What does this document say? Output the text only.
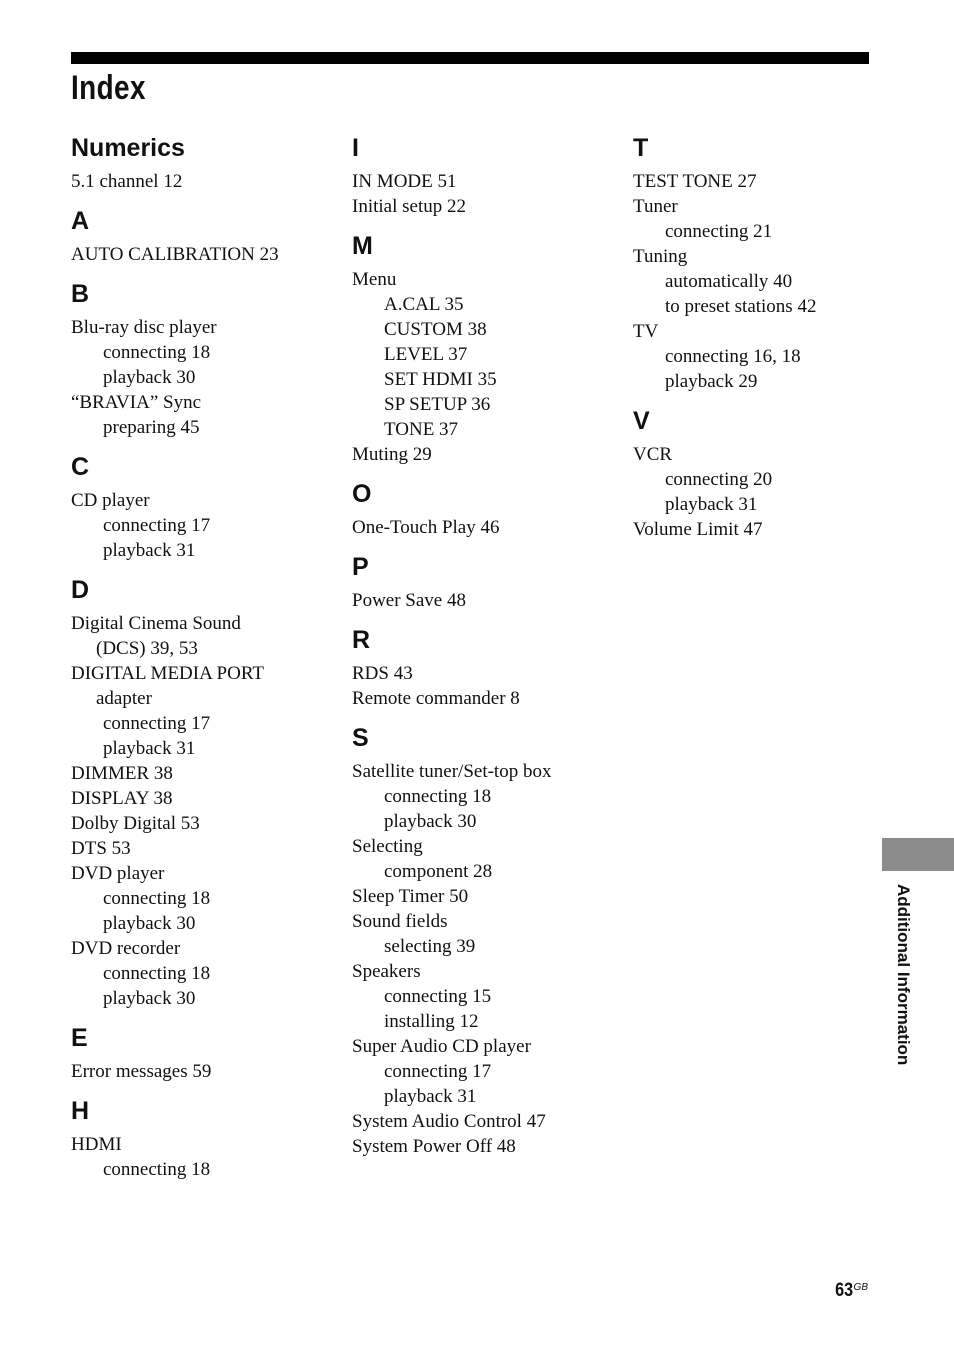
Index
Numerics
5.1 channel 12
A
AUTO CALIBRATION 23
B
Blu-ray disc player
connecting 18
playback 30
“BRAVIA” Sync
preparing 45
C
CD player
connecting 17
playback 31
D
Digital Cinema Sound
(DCS) 39, 53
DIGITAL MEDIA PORT
adapter
connecting 17
playback 31
DIMMER 38
DISPLAY 38
Dolby Digital 53
DTS 53
DVD player
connecting 18
playback 30
DVD recorder
connecting 18
playback 30
E
Error messages 59
H
HDMI
connecting 18
I
IN MODE 51
Initial setup 22
M
Menu
A.CAL 35
CUSTOM 38
LEVEL 37
SET HDMI 35
SP SETUP 36
TONE 37
Muting 29
O
One-Touch Play 46
P
Power Save 48
R
RDS 43
Remote commander 8
S
Satellite tuner/Set-top box
connecting 18
playback 30
Selecting
component 28
Sleep Timer 50
Sound fields
selecting 39
Speakers
connecting 15
installing 12
Super Audio CD player
connecting 17
playback 31
System Audio Control 47
System Power Off 48
T
TEST TONE 27
Tuner
connecting 21
Tuning
automatically 40
to preset stations 42
TV
connecting 16, 18
playback 29
V
VCR
connecting 20
playback 31
Volume Limit 47
Additional Information
$63^{GB}$
